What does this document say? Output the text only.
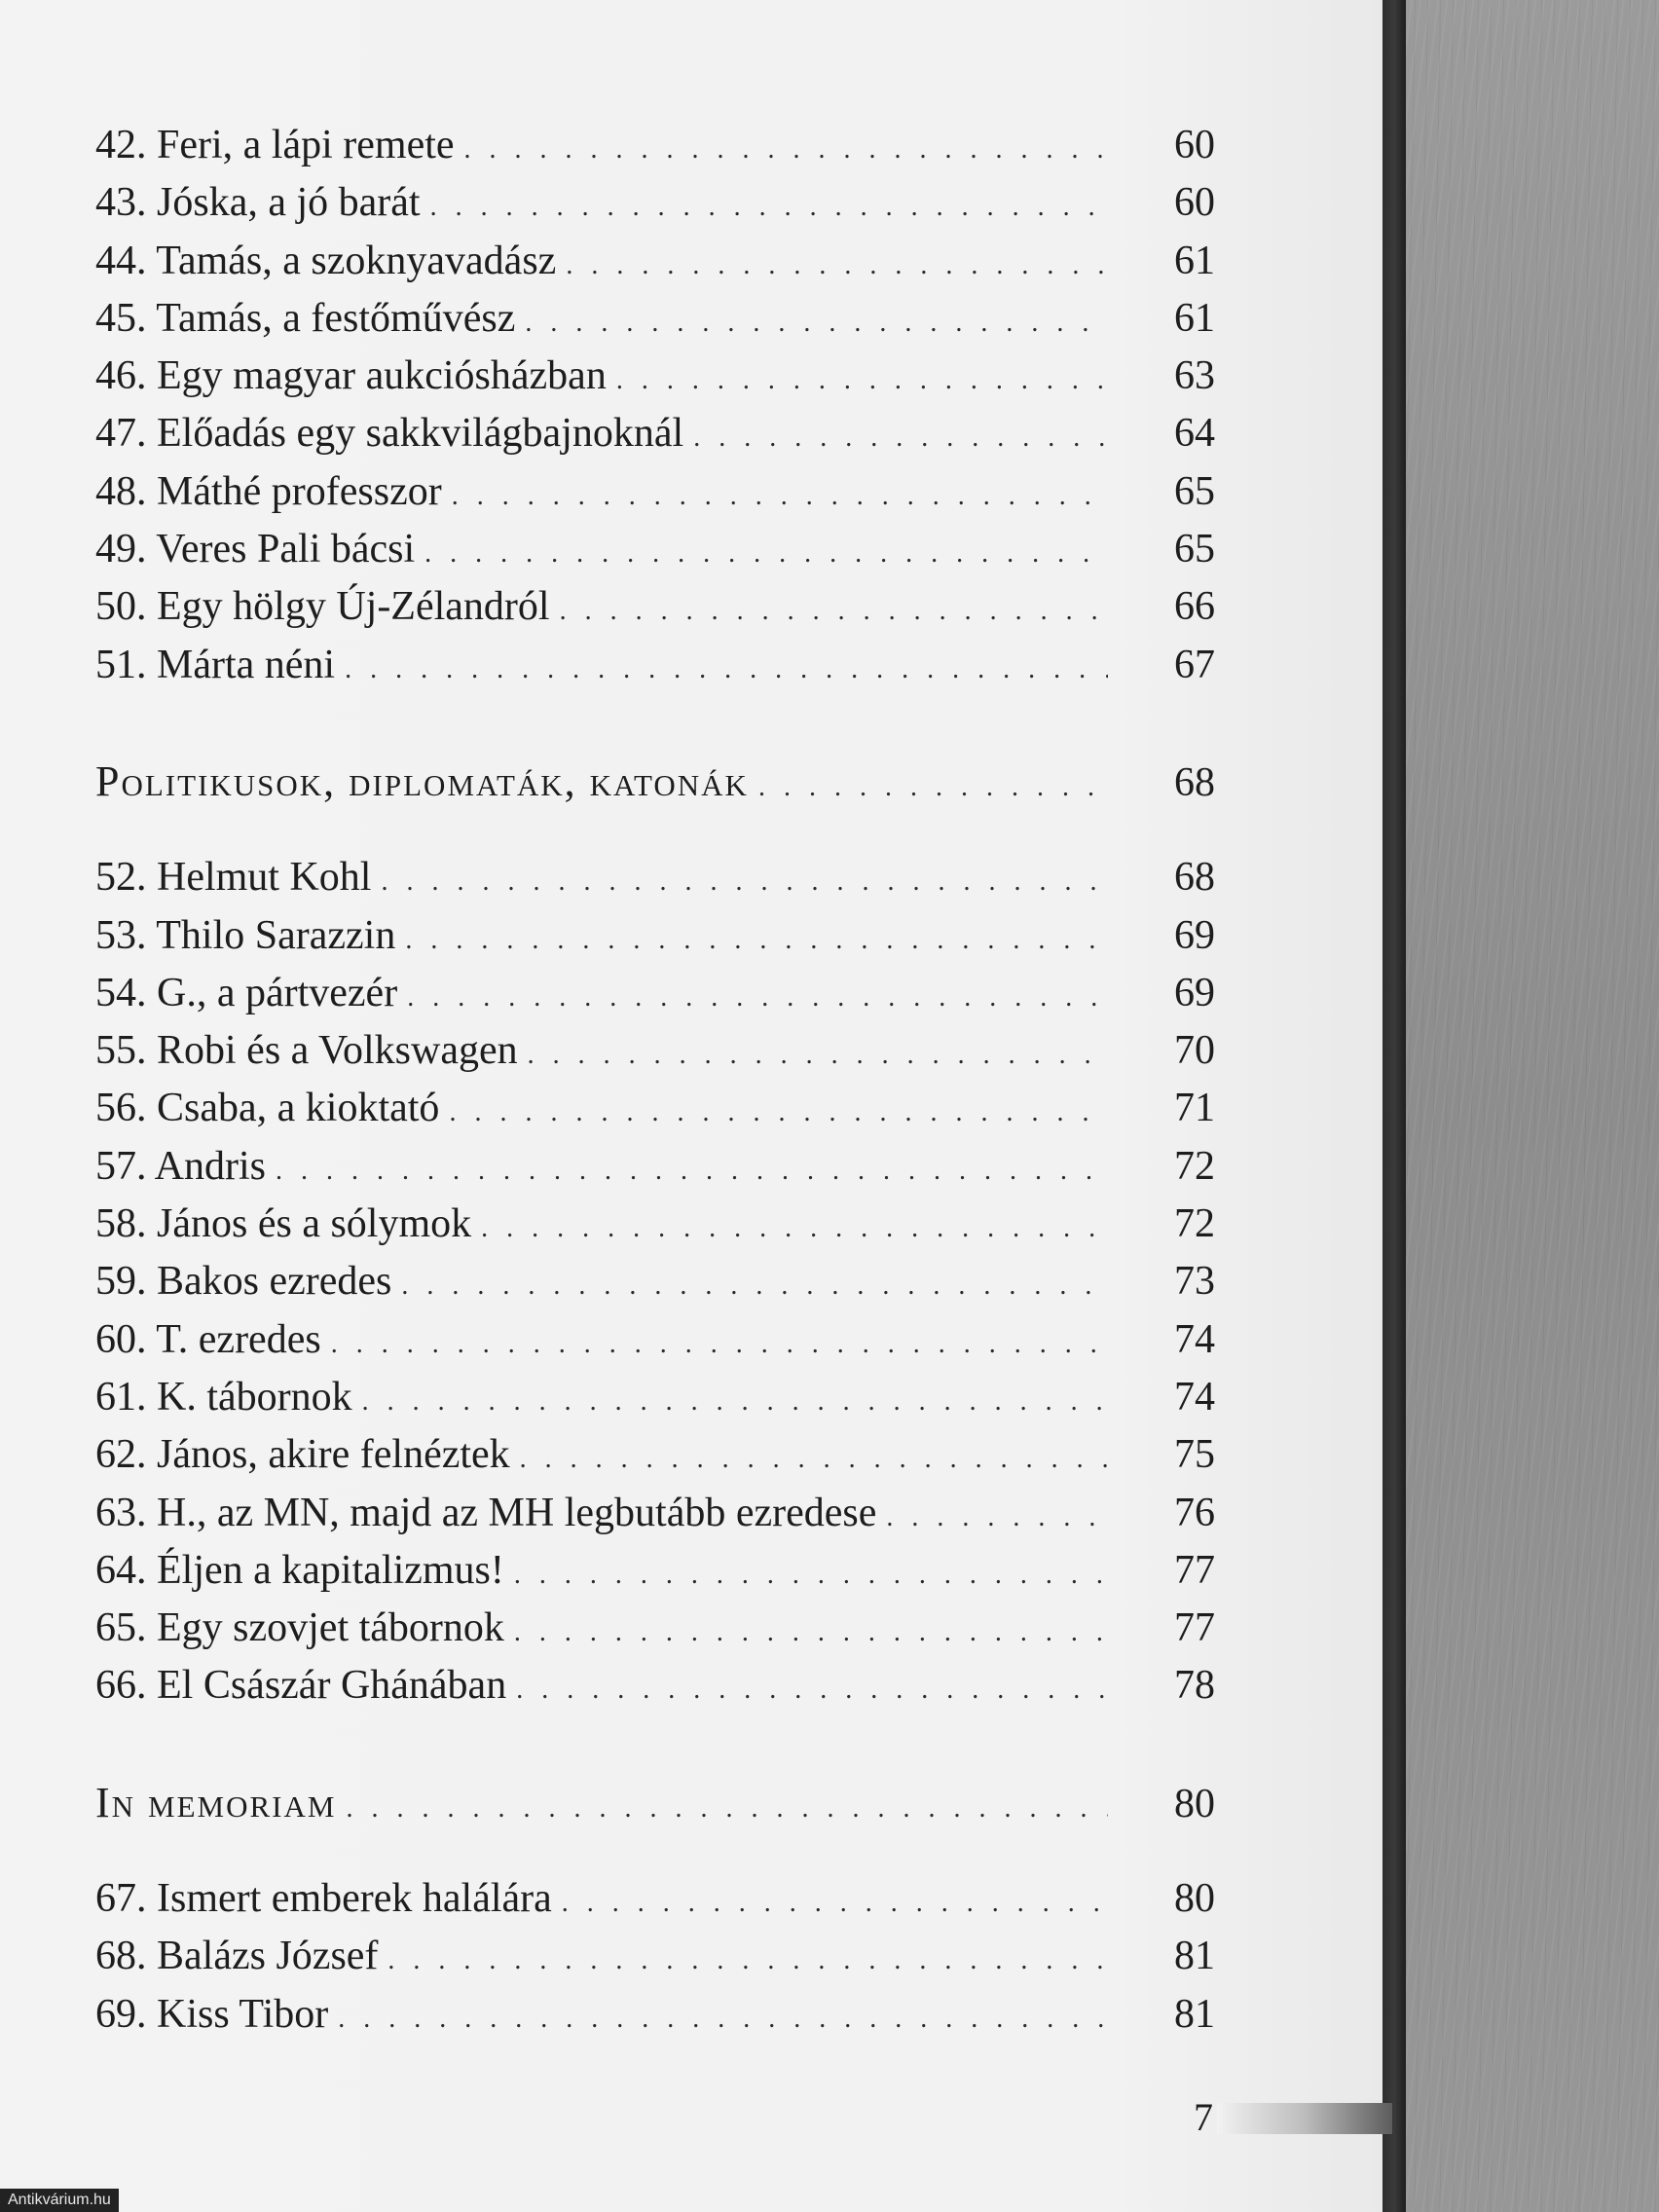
42. Feri, a lápi remete . . .	60
43. Jóska, a jó barát . . .	60
44. Tamás, a szoknyavadász . . .	61
45. Tamás, a festőművész . . .	61
46. Egy magyar aukciósházban . . .	63
47. Előadás egy sakkvilágbajnoknál . . .	64
48. Máthé professzor . . .	65
49. Veres Pali bácsi . . .	65
50. Egy hölgy Új-Zélandról . . .	66
51. Márta néni . . .	67
Politikusok, diplomaták, katonák . . .	68
52. Helmut Kohl . . .	68
53. Thilo Sarazzin . . .	69
54. G., a pártvezér . . .	69
55. Robi és a Volkswagen . . .	70
56. Csaba, a kioktató . . .	71
57. Andris . . .	72
58. János és a sólymok . . .	72
59. Bakos ezredes . . .	73
60. T. ezredes . . .	74
61. K. tábornok . . .	74
62. János, akire felnéztek . . .	75
63. H., az MN, majd az MH legbutább ezredese . . .	76
64. Éljen a kapitalizmus! . . .	77
65. Egy szovjet tábornok . . .	77
66. El Császár Ghánában . . .	78
In memoriam . . .	80
67. Ismert emberek halálára . . .	80
68. Balázs József . . .	81
69. Kiss Tibor . . .	81
7
Antikvárium.hu
